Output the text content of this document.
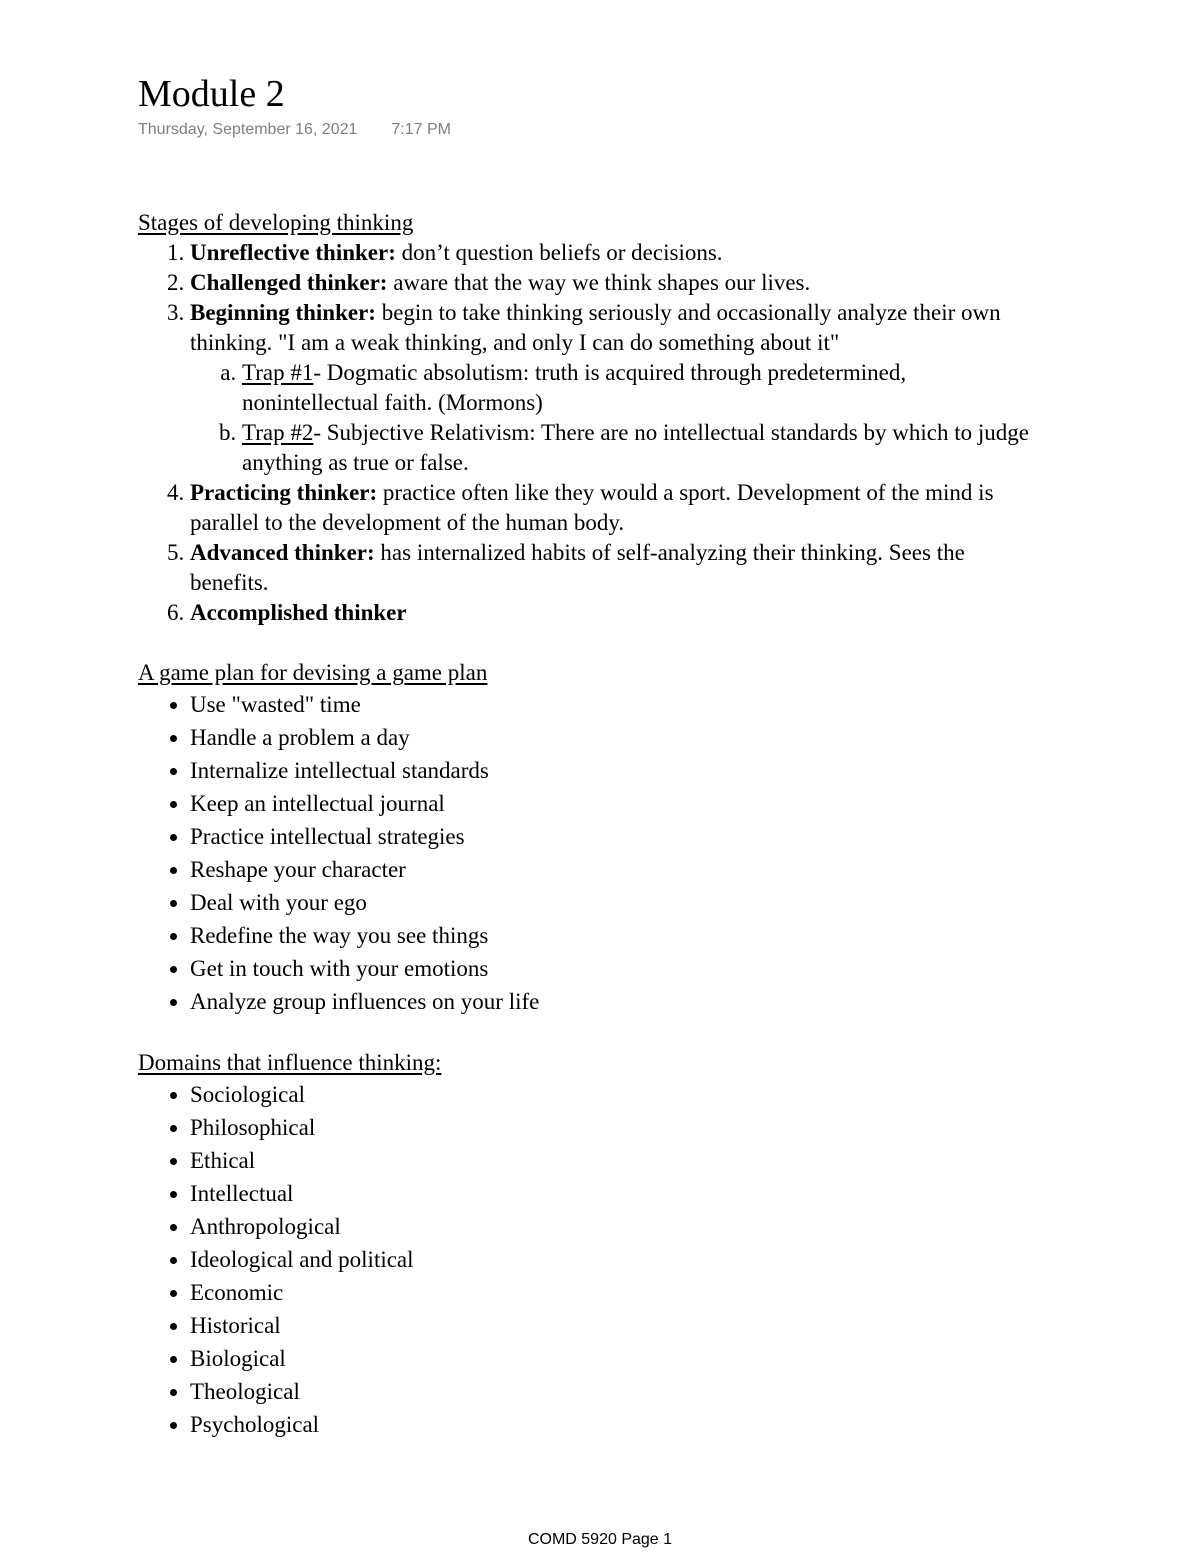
Module 2
Thursday, September 16, 2021 7:17 PM

Stages of developing thinking

1. Unreflective thinker: don’t question beliefs or decisions.
2. Challenged thinker: aware that the way we think shapes our lives.
3. Beginning thinker: begin to take thinking seriously and occasionally analyze their own thinking. "I am a weak thinking, and only I can do something about it"
a. Trap #1- Dogmatic absolutism: truth is acquired through predetermined, nonintellectual faith. (Mormons)
b. Trap #2- Subjective Relativism: There are no intellectual standards by which to judge anything as true or false.
4. Practicing thinker: practice often like they would a sport. Development of the mind is parallel to the development of the human body.
5. Advanced thinker: has internalized habits of self-analyzing their thinking. Sees the benefits.
6. Accomplished thinker

A game plan for devising a game plan

• Use "wasted" time
• Handle a problem a day
• Internalize intellectual standards
• Keep an intellectual journal
• Practice intellectual strategies
• Reshape your character
• Deal with your ego
• Redefine the way you see things
• Get in touch with your emotions
• Analyze group influences on your life

Domains that influence thinking:

• Sociological
• Philosophical
• Ethical
• Intellectual
• Anthropological
• Ideological and political
• Economic
• Historical
• Biological
• Theological
• Psychological
COMD 5920 Page 1
